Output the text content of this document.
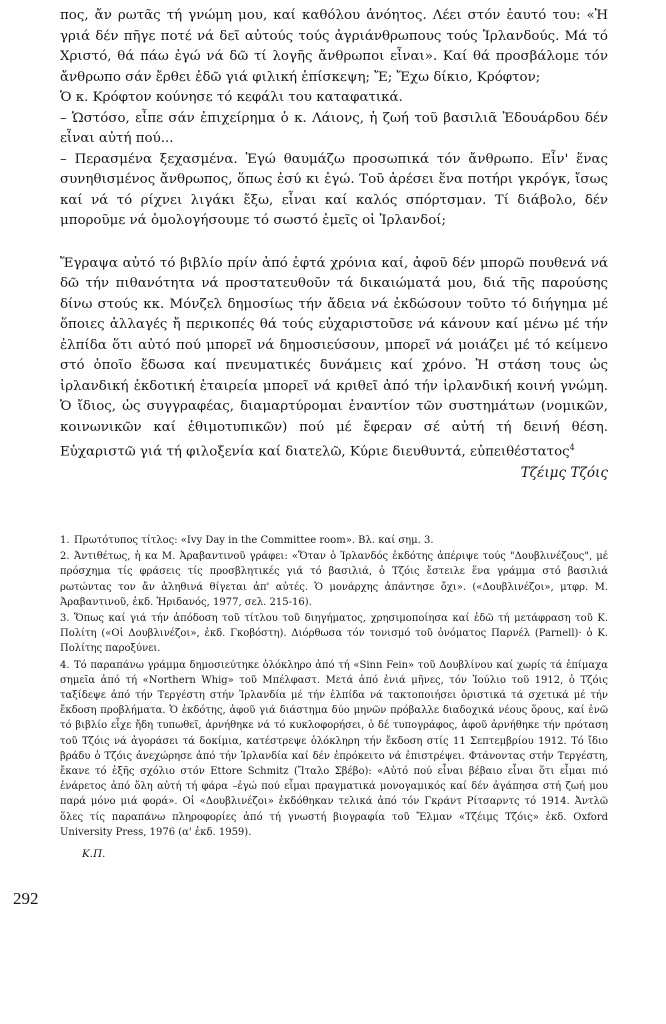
πος, ἄν ρωτᾶς τή γνώμη μου, καί καθόλου ἀνόητος. Λέει στόν ἑαυτό του: «Ἡ γριά δέν πῆγε ποτέ νά δεῖ αὐτούς τούς ἀγριάνθρωπους τούς Ἰρλανδούς. Μά τό Χριστό, θά πάω ἐγώ νά δῶ τί λογῆς ἄνθρωποι εἶναι». Καί θά προσβάλομε τόν ἄνθρωπο σάν ἔρθει ἐδῶ γιά φιλική ἐπίσκεψη; Ἔ; Ἔχω δίκιο, Κρόφτον;

Ὁ κ. Κρόφτον κούνησε τό κεφάλι του καταφατικά.

– Ὡστόσο, εἶπε σάν ἐπιχείρημα ὁ κ. Λάιονς, ἡ ζωή τοῦ βασιλιᾶ Ἐδουάρδου δέν εἶναι αὐτή πού...

– Περασμένα ξεχασμένα. Ἐγώ θαυμάζω προσωπικά τόν ἄνθρωπο. Εἶν' ἕνας συνηθισμένος ἄνθρωπος, ὅπως ἐσύ κι ἐγώ. Τοῦ ἀρέσει ἕνα ποτήρι γκρόγκ, ἴσως καί νά τό ρίχνει λιγάκι ἔξω, εἶναι καί καλός σπόρτσμαν. Τί διάβολο, δέν μποροῦμε νά ὁμολογήσουμε τό σωστό ἐμεῖς οἱ Ἰρλανδοί;

Ἔγραψα αὐτό τό βιβλίο πρίν ἀπό ἑφτά χρόνια καί, ἀφοῦ δέν μπορῶ πουθενά νά δῶ τήν πιθανότητα νά προστατευθοῦν τά δικαιώματά μου, διά τῆς παρούσης δίνω στούς κκ. Μόνζελ δημοσίως τήν ἄδεια νά ἐκδώσουν τοῦτο τό διήγημα μέ ὅποιες ἀλλαγές ἤ περικοπές θά τούς εὐχαριστοῦσε νά κάνουν καί μένω μέ τήν ἐλπίδα ὅτι αὐτό πού μπορεῖ νά δημοσιεύσουν, μπορεῖ νά μοιάζει μέ τό κείμενο στό ὁποῖο ἔδωσα καί πνευματικές δυνάμεις καί χρόνο. Ἡ στάση τους ὡς ἰρλανδική ἐκδοτική ἑταιρεία μπορεῖ νά κριθεῖ ἀπό τήν ἰρλανδική κοινή γνώμη. Ὁ ἴδιος, ὡς συγγραφέας, διαμαρτύρομαι ἐναντίον τῶν συστημάτων (νομικῶν, κοινωνικῶν καί ἐθιμοτυπικῶν) πού μέ ἔφεραν σέ αὐτή τή δεινή θέση. Εὐχαριστῶ γιά τή φιλοξενία καί διατελῶ, Κύριε διευθυντά, εὐπειθέστατος$^4$

Τζέιμς Τζόις
1. Πρωτότυπος τίτλος: «Ivy Day in the Committee room». Βλ. καί σημ. 3.
2. Ἀντιθέτως, ἡ κα Μ. Ἀραβαντινοῦ γράφει: «Ὅταν ὁ Ἰρλανδός ἐκδότης ἀπέριψε τούς "Δουβλινέζους", μέ πρόσχημα τίς φράσεις τίς προσβλητικές γιά τό βασιλιά, ὁ Τζόις ἔστειλε ἕνα γράμμα στό βασιλιά ρωτώντας τον ἄν ἀληθινά θίγεται ἀπ' αὐτές. Ὁ μονάρχης ἀπάντησε ὄχι». («Δουβλινέζοι», μτφρ. Μ. Ἀραβαντινοῦ, ἐκδ. Ἡριδανός, 1977, σελ. 215-16).
3. Ὅπως καί γιά τήν ἀπόδοση τοῦ τίτλου τοῦ διηγήματος, χρησιμοποίησα καί ἐδῶ τή μετάφραση τοῦ Κ. Πολίτη («Οἱ Δουβλινέζοι», ἐκδ. Γκοβόστη). Διόρθωσα τόν τονισμό τοῦ ὀνόματος Παρνέλ (Parnell)· ὁ Κ. Πολίτης παροξύνει.
4. Τό παραπάνω γράμμα δημοσιεύτηκε ὁλόκληρο ἀπό τή «Sinn Fein» τοῦ Δουβλίνου καί χωρίς τά ἐπίμαχα σημεῖα ἀπό τή «Northern Whig» τοῦ Μπέλφαστ. Μετά ἀπό ἐνιά μῆνες, τόν Ἰούλιο τοῦ 1912, ὁ Τζόις ταξίδεψε ἀπό τήν Τεργέστη στήν Ἰρλανδία μέ τήν ἐλπίδα νά τακτοποιήσει ὁριστικά τά σχετικά μέ τήν ἔκδοση προβλήματα. Ὁ ἐκδότης, ἀφοῦ γιά διάστημα δύο μηνῶν πρόβαλλε διαδοχικά νέους ὅρους, καί ἐνῶ τό βιβλίο εἶχε ἤδη τυπωθεῖ, ἀρνήθηκε νά τό κυκλοφορήσει, ὁ δέ τυπογράφος, ἀφοῦ ἀρνήθηκε τήν πρόταση τοῦ Τζόις νά ἀγοράσει τά δοκίμια, κατέστρεψε ὁλόκληρη τήν ἔκδοση στίς 11 Σεπτεμβρίου 1912. Τό ἴδιο βράδυ ὁ Τζόις ἀνεχώρησε ἀπό τήν Ἰρλανδία καί δέν ἐπρόκειτο νά ἐπιστρέψει. Φτάνοντας στήν Τεργέστη, ἔκανε τό ἑξῆς σχόλιο στόν Ettore Schmitz (Ἴταλο Σβέβο): «Αὐτό πού εἶναι βέβαιο εἶναι ὅτι εἶμαι πιό ἐνάρετος ἀπό ὅλη αὐτή τή φάρα –ἐγώ πού εἶμαι πραγματικά μονογαμικός καί δέν ἀγάπησα στή ζωή μου παρά μόνο μιά φορά». Οἱ «Δουβλινέζοι» ἐκδόθηκαν τελικά ἀπό τόν Γκράντ Ρίτσαρντς τό 1914. Ἀντλῶ ὅλες τίς παραπάνω πληροφορίες ἀπό τή γνωστή βιογραφία τοῦ Ἔλμαν «Τζέιμς Τζόις» ἐκδ. Oxford University Press, 1976 (α' ἐκδ. 1959).
Κ.Π.
292
